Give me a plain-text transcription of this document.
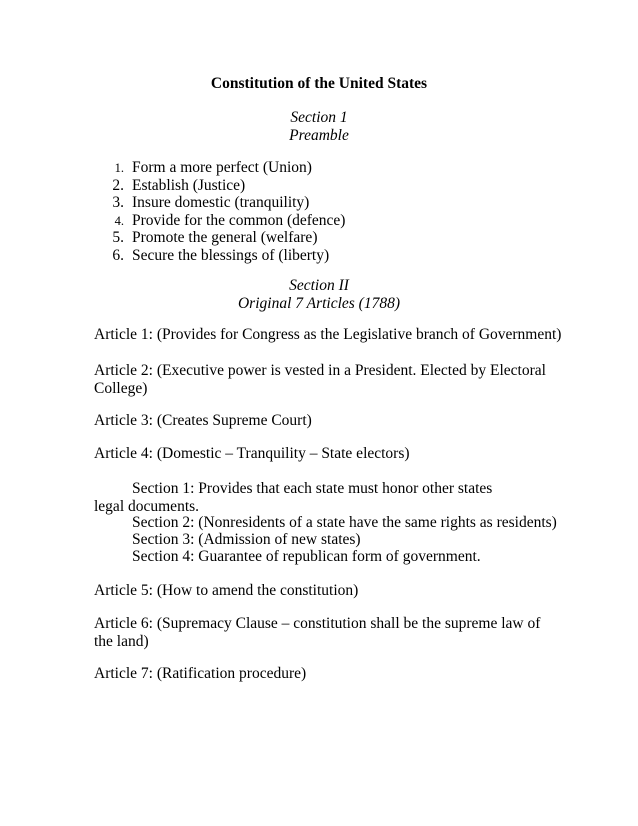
Constitution of the United States
Section 1
Preamble
1. Form a more perfect (Union)
2. Establish (Justice)
3. Insure domestic (tranquility)
4. Provide for the common (defence)
5. Promote the general (welfare)
6. Secure the blessings of (liberty)
Section II
Original 7 Articles (1788)

Article 1: (Provides for Congress as the Legislative branch of Government)

Article 2: (Executive power is vested in a President. Elected by Electoral College)

Article 3: (Creates Supreme Court)

Article 4: (Domestic – Tranquility – State electors)

Section 1: Provides that each state must honor other states legal documents.

Section 2: (Nonresidents of a state have the same rights as residents)

Section 3: (Admission of new states)

Section 4: Guarantee of republican form of government.

Article 5: (How to amend the constitution)

Article 6: (Supremacy Clause – constitution shall be the supreme law of the land)

Article 7: (Ratification procedure)
